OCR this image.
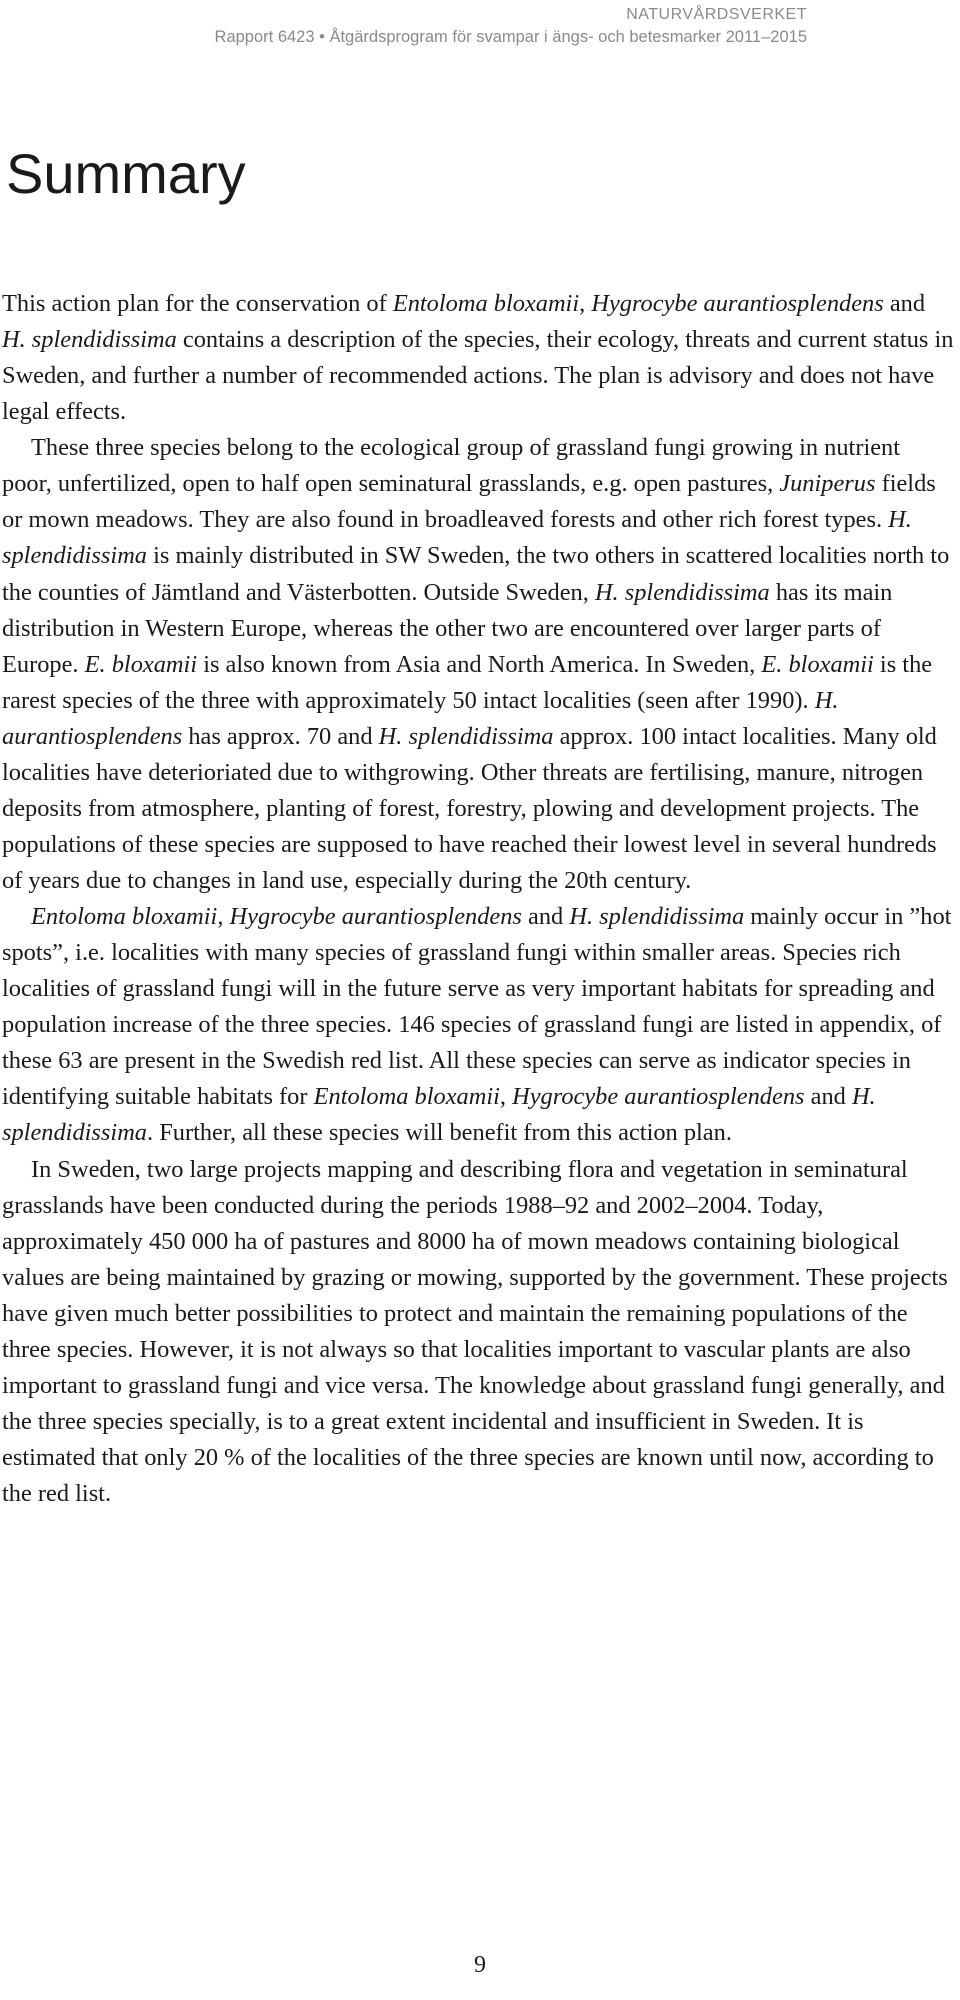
NATURVÅRDSVERKET
Rapport 6423 • Åtgärdsprogram för svampar i ängs- och betesmarker 2011–2015
Summary

This action plan for the conservation of Entoloma bloxamii, Hygrocybe aurantiosplendens and H. splendidissima contains a description of the species, their ecology, threats and current status in Sweden, and further a number of recommended actions. The plan is advisory and does not have legal effects.

These three species belong to the ecological group of grassland fungi growing in nutrient poor, unfertilized, open to half open seminatural grasslands, e.g. open pastures, Juniperus fields or mown meadows. They are also found in broadleaved forests and other rich forest types. H. splendidissima is mainly distributed in SW Sweden, the two others in scattered localities north to the counties of Jämtland and Västerbotten. Outside Sweden, H. splendidissima has its main distribution in Western Europe, whereas the other two are encountered over larger parts of Europe. E. bloxamii is also known from Asia and North America. In Sweden, E. bloxamii is the rarest species of the three with approximately 50 intact localities (seen after 1990). H. aurantiosplendens has approx. 70 and H. splendidissima approx. 100 intact localities. Many old localities have deterioriated due to withgrowing. Other threats are fertilising, manure, nitrogen deposits from atmosphere, planting of forest, forestry, plowing and development projects. The populations of these species are supposed to have reached their lowest level in several hundreds of years due to changes in land use, especially during the 20th century.

Entoloma bloxamii, Hygrocybe aurantiosplendens and H. splendidissima mainly occur in ”hot spots”, i.e. localities with many species of grassland fungi within smaller areas. Species rich localities of grassland fungi will in the future serve as very important habitats for spreading and population increase of the three species. 146 species of grassland fungi are listed in appendix, of these 63 are present in the Swedish red list. All these species can serve as indicator species in identifying suitable habitats for Entoloma bloxamii, Hygrocybe aurantiosplendens and H. splendidissima. Further, all these species will benefit from this action plan.

In Sweden, two large projects mapping and describing flora and vegetation in seminatural grasslands have been conducted during the periods 1988–92 and 2002–2004. Today, approximately 450 000 ha of pastures and 8000 ha of mown meadows containing biological values are being maintained by grazing or mowing, supported by the government. These projects have given much better possibilities to protect and maintain the remaining populations of the three species. However, it is not always so that localities important to vascular plants are also important to grassland fungi and vice versa. The knowledge about grassland fungi generally, and the three species specially, is to a great extent incidental and insufficient in Sweden. It is estimated that only 20 % of the localities of the three species are known until now, according to the red list.

9
